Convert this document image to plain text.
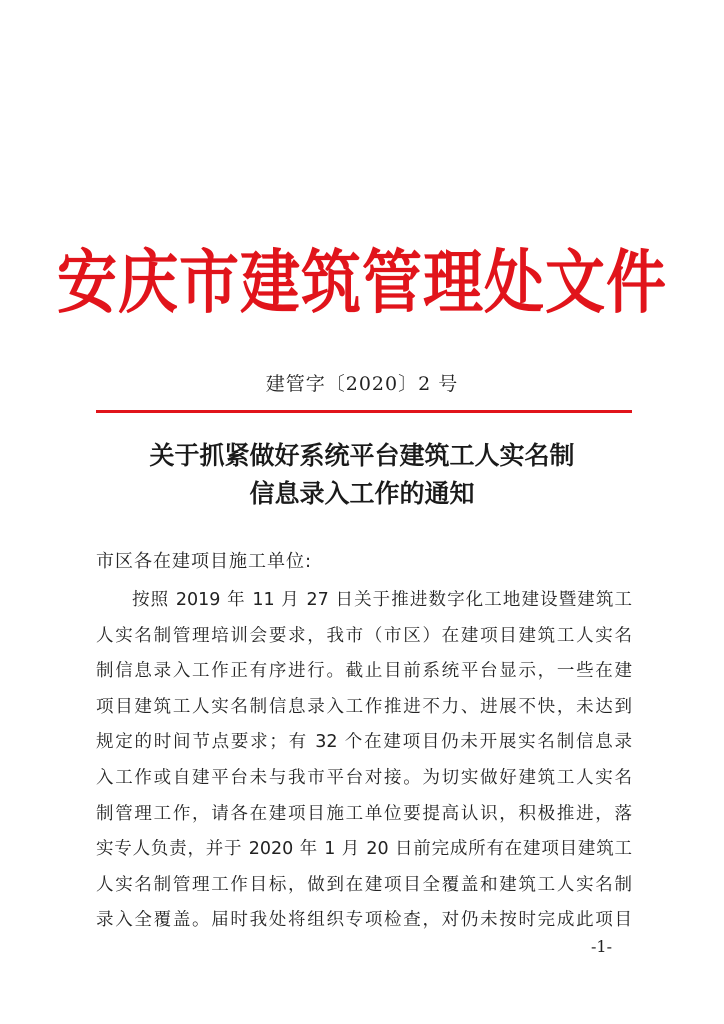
安庆市建筑管理处文件
建管字〔2020〕2 号
关于抓紧做好系统平台建筑工人实名制
信息录入工作的通知
市区各在建项目施工单位:
按照 2019 年 11 月 27 日关于推进数字化工地建设暨建筑工
人实名制管理培训会要求，我市（市区）在建项目建筑工人实名
制信息录入工作正有序进行。截止目前系统平台显示，一些在建
项目建筑工人实名制信息录入工作推进不力、进展不快，未达到
规定的时间节点要求；有 32 个在建项目仍未开展实名制信息录
入工作或自建平台未与我市平台对接。为切实做好建筑工人实名
制管理工作，请各在建项目施工单位要提高认识，积极推进，落
实专人负责，并于 2020 年 1 月 20 日前完成所有在建项目建筑工
人实名制管理工作目标，做到在建项目全覆盖和建筑工人实名制
录入全覆盖。届时我处将组织专项检查，对仍未按时完成此项目
-1-
